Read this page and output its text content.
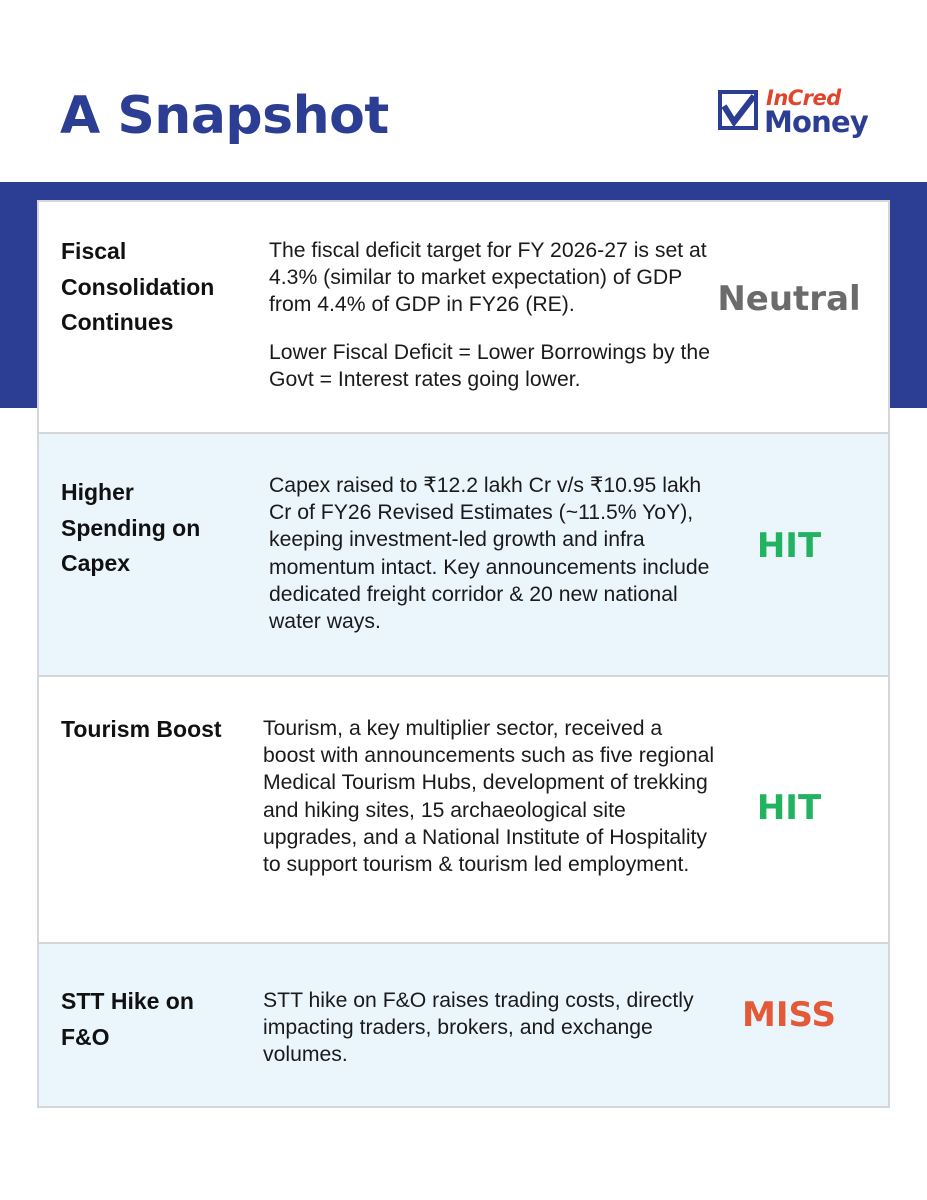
A Snapshot	InCred
Money
Fiscal Consolidation Continues

The fiscal deficit target for FY 2026-27 is set at 4.3% (similar to market expectation) of GDP from 4.4% of GDP in FY26 (RE).

Lower Fiscal Deficit = Lower Borrowings by the Govt = Interest rates going lower.

Neutral
Higher Spending on Capex

Capex raised to ₹12.2 lakh Cr v/s ₹10.95 lakh Cr of FY26 Revised Estimates (~11.5% YoY), keeping investment-led growth and infra momentum intact. Key announcements include dedicated freight corridor & 20 new national water ways.

HIT
Tourism Boost	Tourism, a key multiplier sector, received a boost with announcements such as five regional Medical Tourism Hubs, development of trekking and hiking sites, 15 archaeological site upgrades, and a National Institute of Hospitality to support tourism & tourism led employment.

HIT
STT Hike on F&O

STT hike on F&O raises trading costs, directly impacting traders, brokers, and exchange volumes.

MISS
